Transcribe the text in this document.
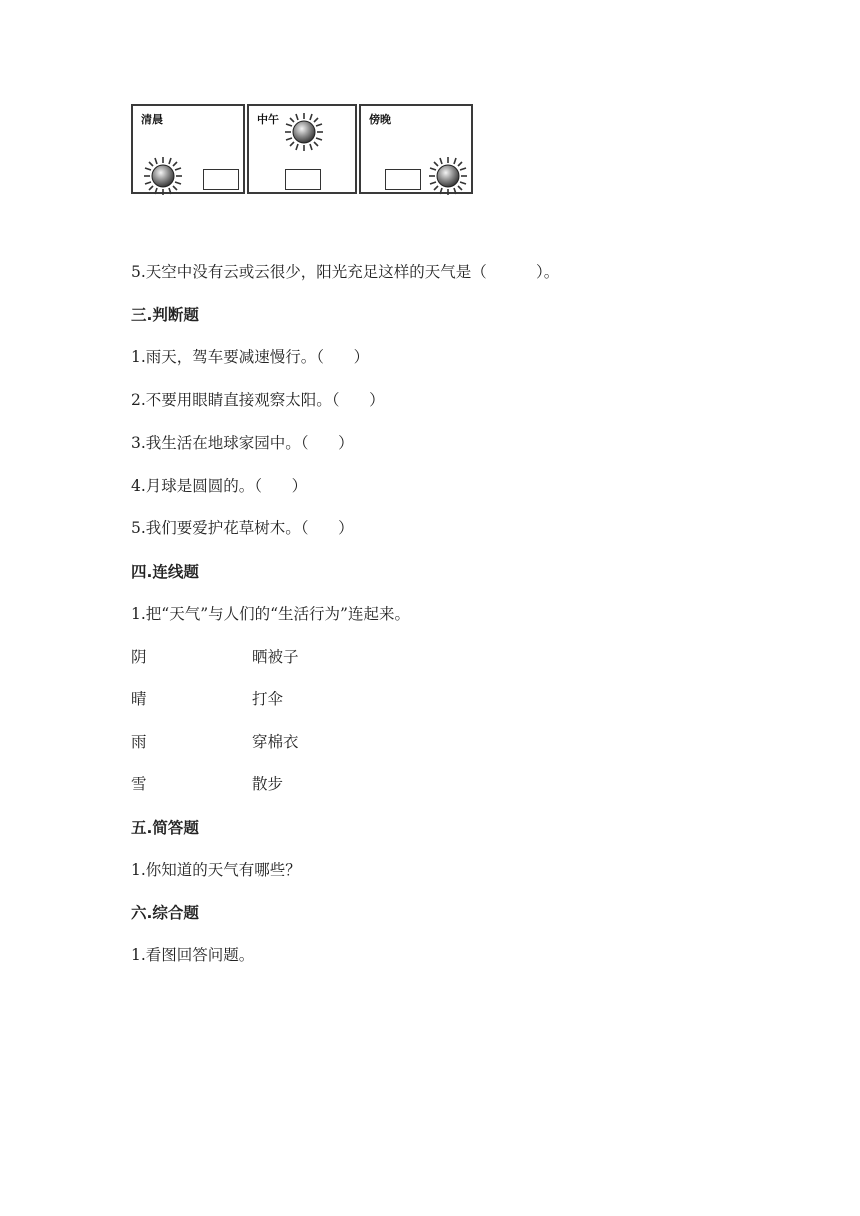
清晨	中午	傍晚
5.天空中没有云或云很少，阳光充足这样的天气是（          ）。
三.判断题
1.雨天，驾车要减速慢行。（      ）
2.不要用眼睛直接观察太阳。（      ）
3.我生活在地球家园中。（      ）
4.月球是圆圆的。（      ）
5.我们要爱护花草树木。（      ）
四.连线题
1.把“天气”与人们的“生活行为”连起来。
阴	晒被子
晴	打伞
雨	穿棉衣
雪	散步
五.简答题
1.你知道的天气有哪些？
六.综合题
1.看图回答问题。
